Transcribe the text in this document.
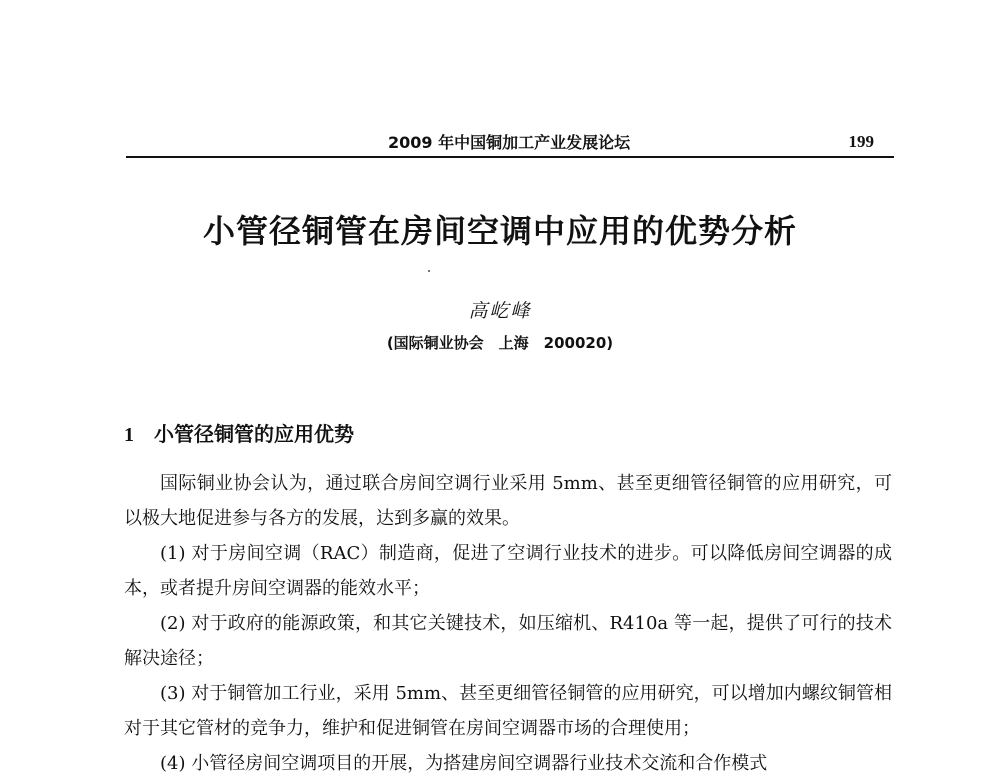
2009 年中国铜加工产业发展论坛	199
小管径铜管在房间空调中应用的优势分析
高屹峰
(国际铜业协会　上海　200020)
1 小管径铜管的应用优势

国际铜业协会认为，通过联合房间空调行业采用 5mm、甚至更细管径铜管的应用研究，可以极大地促进参与各方的发展，达到多赢的效果。

(1) 对于房间空调（RAC）制造商，促进了空调行业技术的进步。可以降低房间空调器的成本，或者提升房间空调器的能效水平；

(2) 对于政府的能源政策，和其它关键技术，如压缩机、R410a 等一起，提供了可行的技术解决途径；

(3) 对于铜管加工行业，采用 5mm、甚至更细管径铜管的应用研究，可以增加内螺纹铜管相对于其它管材的竞争力，维护和促进铜管在房间空调器市场的合理使用；

(4) 小管径房间空调项目的开展，为搭建房间空调器行业技术交流和合作模式
